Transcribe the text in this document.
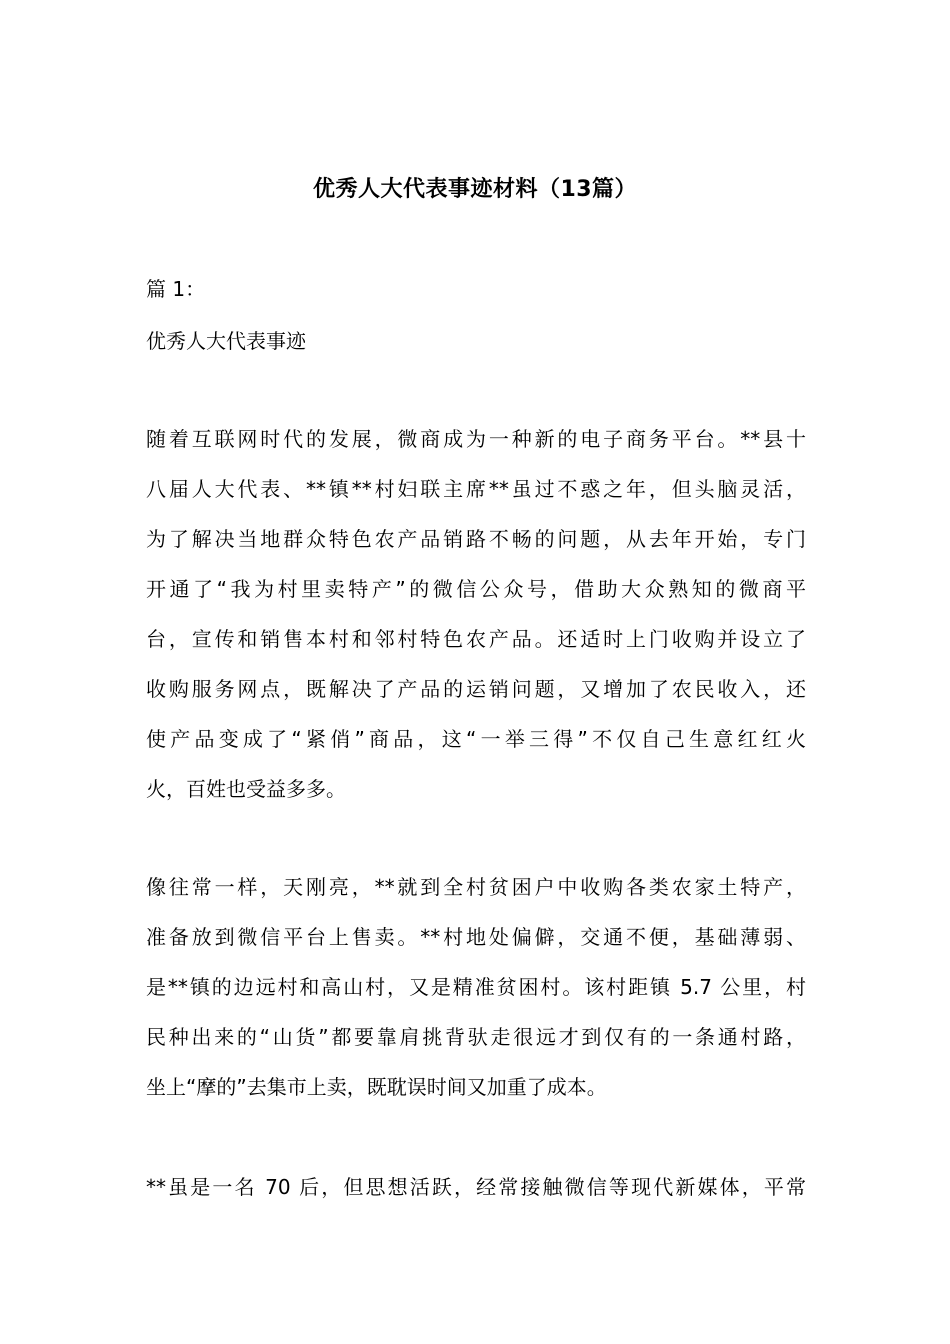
优秀人大代表事迹材料（13篇）
篇 1：
优秀人大代表事迹
随着互联网时代的发展，微商成为一种新的电子商务平台。**县十
八届人大代表、**镇**村妇联主席**虽过不惑之年，但头脑灵活，
为了解决当地群众特色农产品销路不畅的问题，从去年开始，专门
开通了“我为村里卖特产”的微信公众号，借助大众熟知的微商平
台，宣传和销售本村和邻村特色农产品。还适时上门收购并设立了
收购服务网点，既解决了产品的运销问题，又增加了农民收入，还
使产品变成了“紧俏”商品，这“一举三得”不仅自己生意红红火
火，百姓也受益多多。
像往常一样，天刚亮，**就到全村贫困户中收购各类农家土特产，
准备放到微信平台上售卖。**村地处偏僻，交通不便，基础薄弱、
是**镇的边远村和高山村，又是精准贫困村。该村距镇 5.7 公里，村
民种出来的“山货”都要靠肩挑背驮走很远才到仅有的一条通村路，
坐上“摩的”去集市上卖，既耽误时间又加重了成本。
**虽是一名 70 后，但思想活跃，经常接触微信等现代新媒体，平常
